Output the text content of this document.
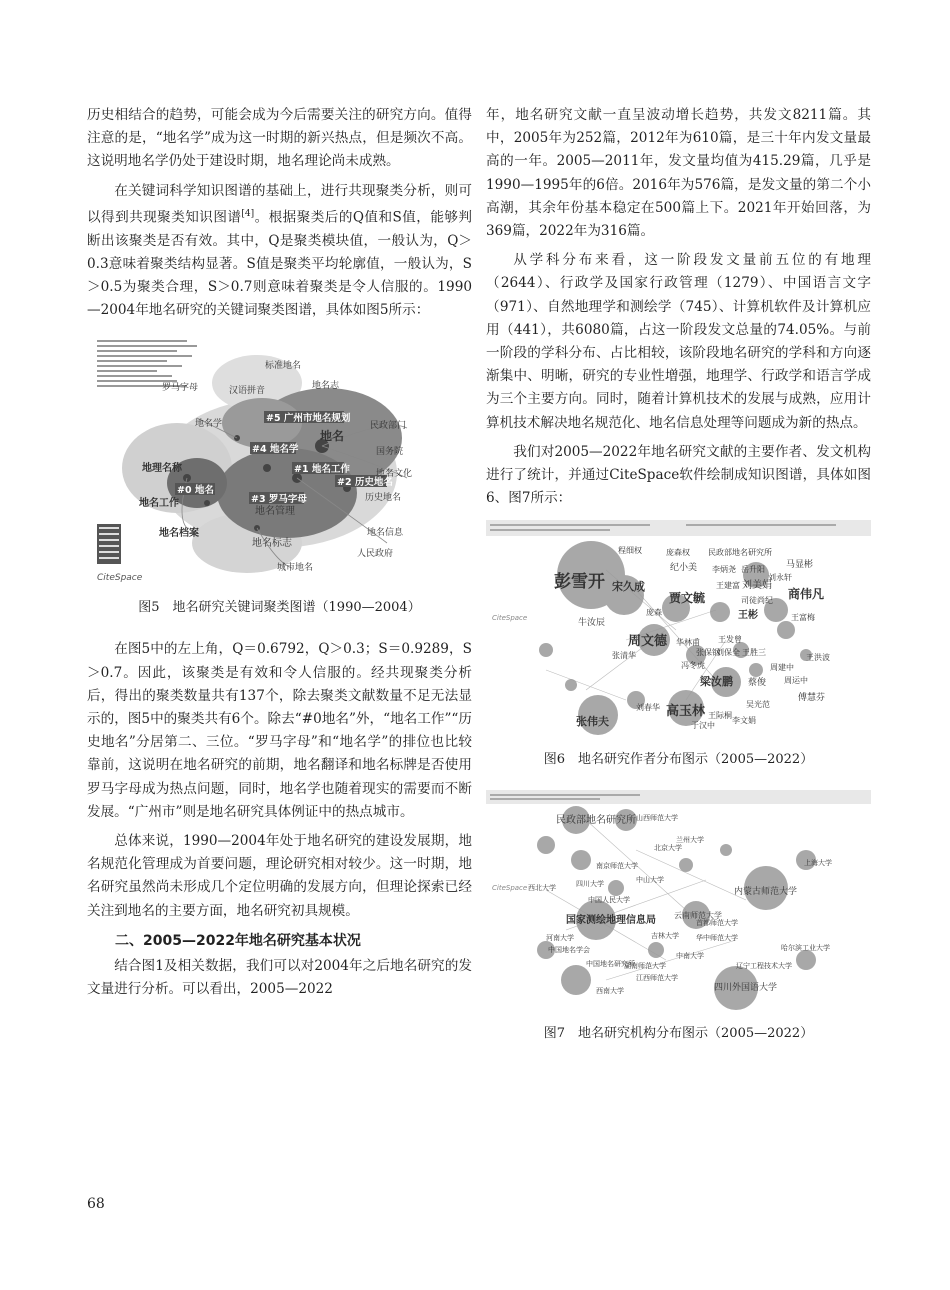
历史相结合的趋势，可能会成为今后需要关注的研究方向。值得注意的是，“地名学”成为这一时期的新兴热点，但是频次不高。这说明地名学仍处于建设时期，地名理论尚未成熟。

在关键词科学知识图谱的基础上，进行共现聚类分析，则可以得到共现聚类知识图谱[4]。根据聚类后的Q值和S值，能够判断出该聚类是否有效。其中，Q是聚类模块值，一般认为，Q＞0.3意味着聚类结构显著。S值是聚类平均轮廓值，一般认为，S＞0.5为聚类合理，S＞0.7则意味着聚类是令人信服的。1990—2004年地名研究的关键词聚类图谱，具体如图5所示：

CiteSpace
#5 广州市地名规划
#4 地名学
#1 地名工作
#2 历史地名
#0 地名
#3 罗马字母
标准地名
地名志
汉语拼音
罗马字母
地名学	民政部门
国务院
地名
地名文化
地理名称
历史地名
地名工作
地名管理
地名档案
地名标志
地名信息
人民政府
城市地名
图5　地名研究关键词聚类图谱（1990—2004）

在图5中的左上角，Q＝0.6792，Q＞0.3；S＝0.9289，S＞0.7。因此，该聚类是有效和令人信服的。经共现聚类分析后，得出的聚类数量共有137个，除去聚类文献数量不足无法显示的，图5中的聚类共有6个。除去“#0地名”外，“地名工作”“历史地名”分居第二、三位。“罗马字母”和“地名学”的排位也比较靠前，这说明在地名研究的前期，地名翻译和地名标牌是否使用罗马字母成为热点问题，同时，地名学也随着现实的需要而不断发展。“广州市”则是地名研究具体例证中的热点城市。

总体来说，1990—2004年处于地名研究的建设发展期，地名规范化管理成为首要问题，理论研究相对较少。这一时期，地名研究虽然尚未形成几个定位明确的发展方向，但理论探索已经关注到地名的主要方面，地名研究初具规模。

二、2005—2022年地名研究基本状况

结合图1及相关数据，我们可以对2004年之后地名研究的发文量进行分析。可以看出，2005—2022

年，地名研究文献一直呈波动增长趋势，共发文8211篇。其中，2005年为252篇，2012年为610篇，是三十年内发文量最高的一年。2005—2011年，发文量均值为415.29篇，几乎是1990—1995年的6倍。2016年为576篇，是发文量的第二个小高潮，其余年份基本稳定在500篇上下。2021年开始回落，为369篇，2022年为316篇。

从学科分布来看，这一阶段发文量前五位的有地理（2644）、行政学及国家行政管理（1279）、中国语言文字（971）、自然地理学和测绘学（745）、计算机软件及计算机应用（441），共6080篇，占这一阶段发文总量的74.05%。与前一阶段的学科分布、占比相较，该阶段地名研究的学科和方向逐渐集中、明晰，研究的专业性增强，地理学、行政学和语言学成为三个主要方向。同时，随着计算机技术的发展与成熟，应用计算机技术解决地名规范化、地名信息处理等问题成为新的热点。

我们对2005—2022年地名研究文献的主要作者、发文机构进行了统计，并通过CiteSpace软件绘制成知识图谱，具体如图6、图7所示：

CiteSpace
彭雪开
程细权	庞森权 民政部地名研究所
马显彬
纪小美 李炳尧 岳升阳
刘永轩
商伟凡
王建富 刘美娟
王富梅
司徒尚纪
贾文毓
宋久成
王彬
牛汝辰
周文德
庞森
华林甫
张清华
王发曾
周建中
梁汝鹏
高玉林
蔡俊
张伟夫
王胜三
冯冬虎
傅慧芬
刘保全
吴光范
张保钢
王际桐
李文娟
于汉中
刘春华
周运中
王洪波
图6　地名研究作者分布图示（2005—2022）
CiteSpace
民政部地名研究所 山西师范大学
国家测绘地理信息局
中山大学
内蒙古师范大学
四川外国语大学
南京师范大学
中国地名研究所
西南大学
上海大学
北京大学
云南师范大学
湖南师范大学
中国地名学会
辽宁工程技术大学
吉林大学
中国人民大学
四川大学
首都师范大学
中南大学
华中师范大学
江西师范大学
哈尔滨工业大学
河南大学
西北大学
兰州大学
图7　地名研究机构分布图示（2005—2022）
68
